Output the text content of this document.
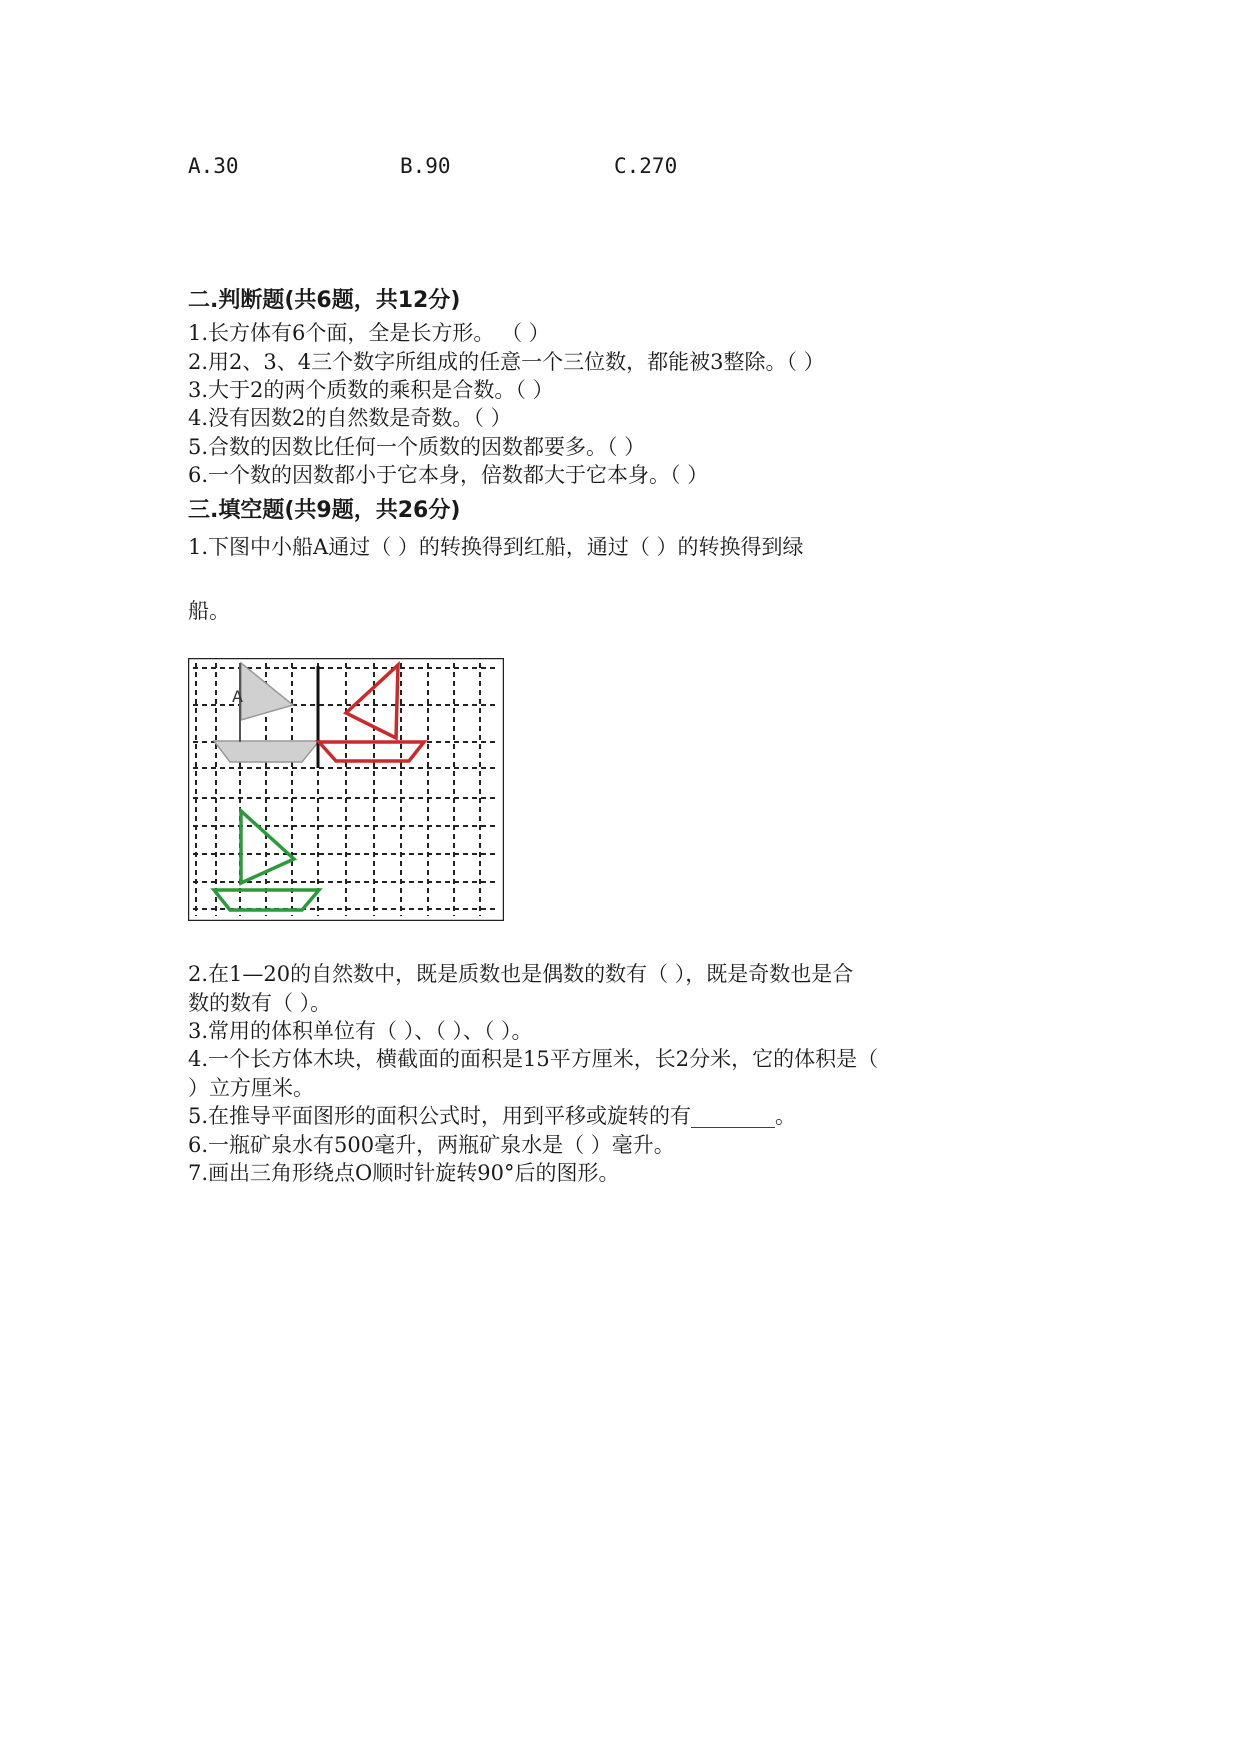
A.30	B.90	C.270
二.判断题(共6题，共12分)
1.长方体有6个面，全是长方形。 （ ）
2.用2、3、4三个数字所组成的任意一个三位数，都能被3整除。（ ）
3.大于2的两个质数的乘积是合数。（ ）
4.没有因数2的自然数是奇数。（ ）
5.合数的因数比任何一个质数的因数都要多。（ ）
6.一个数的因数都小于它本身，倍数都大于它本身。（ ）
三.填空题(共9题，共26分)
1.下图中小船A通过（ ）的转换得到红船，通过（ ）的转换得到绿
船。
A
2.在1—20的自然数中，既是质数也是偶数的数有（ ），既是奇数也是合
数的数有（ ）。
3.常用的体积单位有（ ）、（ ）、（ ）。
4.一个长方体木块，横截面的面积是15平方厘米，长2分米，它的体积是（
）立方厘米。
5.在推导平面图形的面积公式时，用到平移或旋转的有________。
6.一瓶矿泉水有500毫升，两瓶矿泉水是（ ）毫升。
7.画出三角形绕点O顺时针旋转90°后的图形。
